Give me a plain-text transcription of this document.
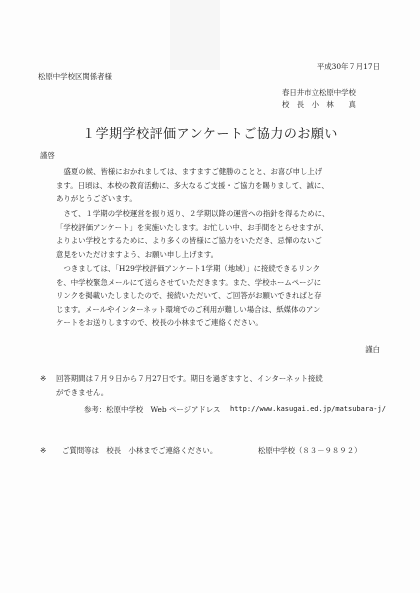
平成30年７月17日
松原中学校区関係者様
春日井市立松原中学校
校　長　小　林　　真
１学期学校評価アンケートご協力のお願い
謹啓
盛夏の候、皆様におかれましては、ますますご健勝のことと、お喜び申し上げ
ます。日頃は、本校の教育活動に、多大なるご支援・ご協力を賜りまして、誠に、
ありがとうございます。
さて、１学期の学校運営を振り返り、２学期以降の運営への指針を得るために、
「学校評価アンケート」を実施いたします。お忙しい中、お手間をとらせますが、
よりよい学校とするために、より多くの皆様にご協力をいただき、忌憚のないご
意見をいただけますよう、お願い申し上げます。
つきましては、「H29学校評価アンケート1学期（地域）」に接続できるリンク
を、中学校緊急メールにて送らさせていただきます。また、学校ホームページに
リンクを掲載いたしましたので、接続いただいて、ご回答がお願いできればと存
じます。メールやインターネット環境でのご利用が難しい場合は、紙媒体のアン
ケートをお送りしますので、校長の小林までご連絡ください。
謹白
※ 回答期間は７月９日から７月27日です。期日を過ぎますと、インターネット接続
ができません。
参考：松原中学校　Web ページアドレス http://www.kasugai.ed.jp/matsubara-j/
※ ご質問等は　校長　小林までご連絡ください。	松原中学校（８３－９８９２）
